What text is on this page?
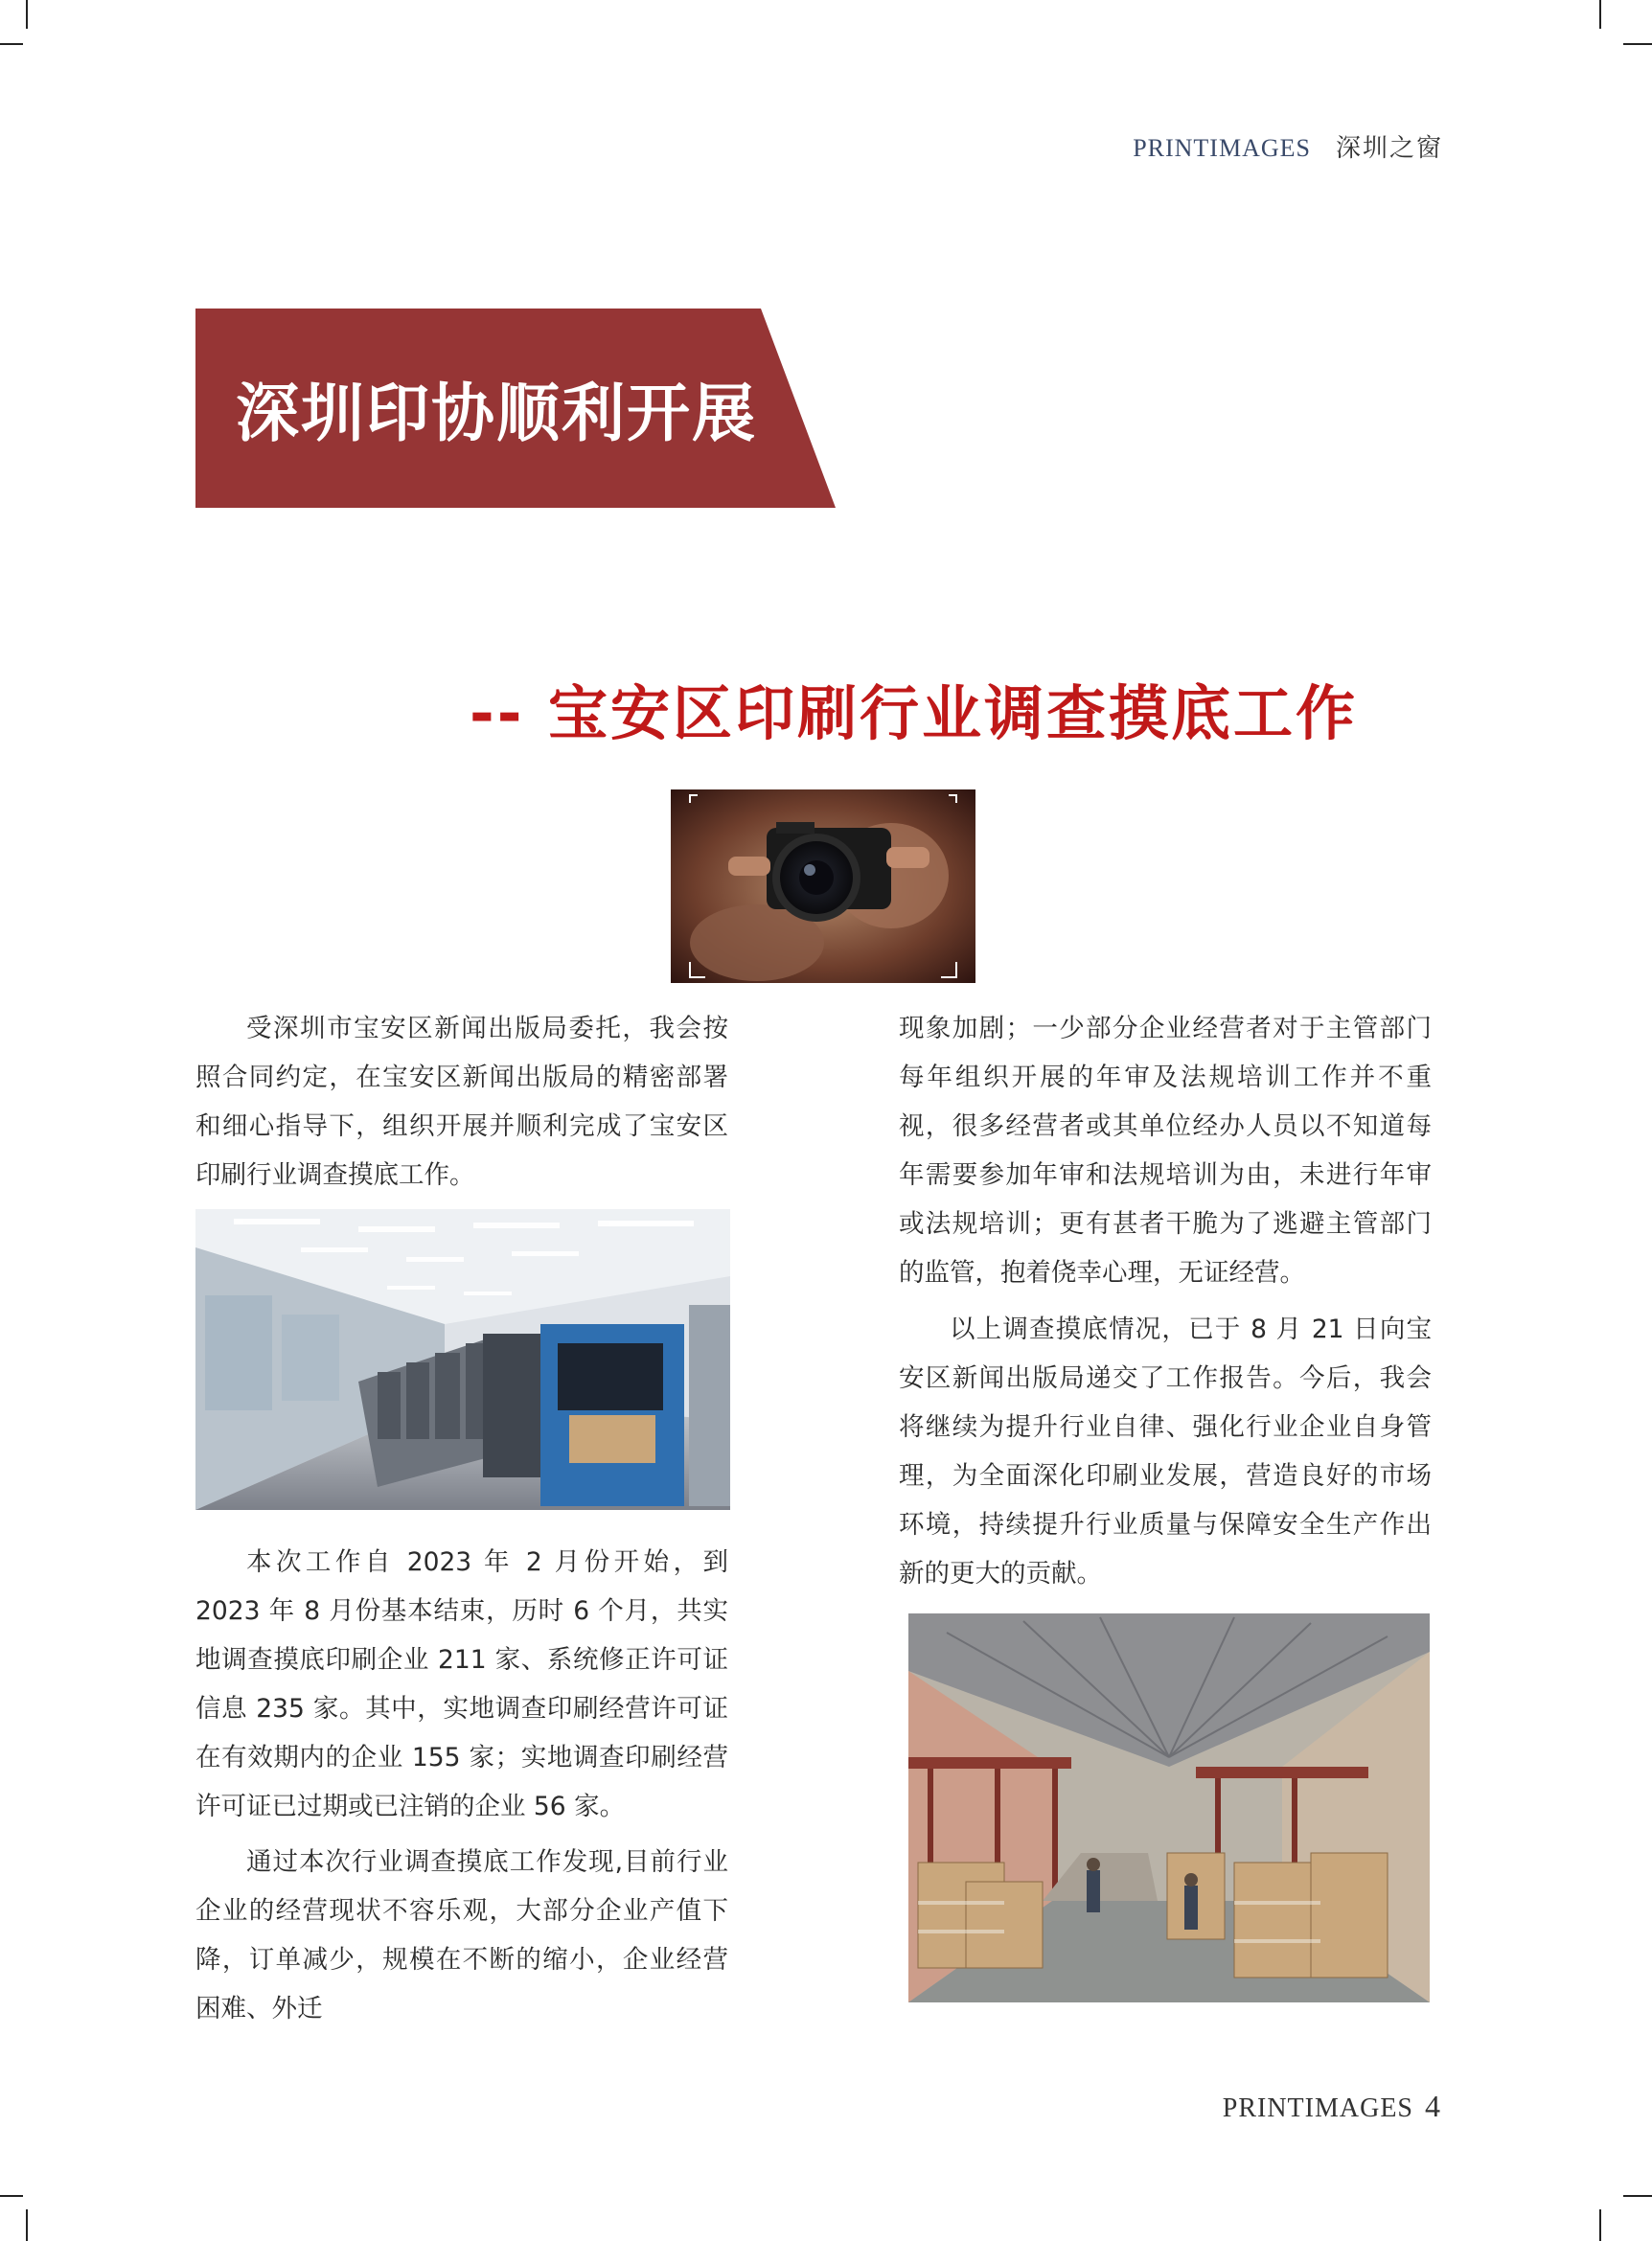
PRINTIMAGES 深圳之窗
深圳印协顺利开展
-- 宝安区印刷行业调查摸底工作

受深圳市宝安区新闻出版局委托，我会按照合同约定，在宝安区新闻出版局的精密部署和细心指导下，组织开展并顺利完成了宝安区印刷行业调查摸底工作。

本次工作自 2023 年 2 月份开始，到 2023 年 8 月份基本结束，历时 6 个月，共实地调查摸底印刷企业 211 家、系统修正许可证信息 235 家。其中，实地调查印刷经营许可证在有效期内的企业 155 家；实地调查印刷经营许可证已过期或已注销的企业 56 家。

通过本次行业调查摸底工作发现,目前行业企业的经营现状不容乐观，大部分企业产值下降，订单减少，规模在不断的缩小，企业经营困难、外迁

现象加剧；一少部分企业经营者对于主管部门每年组织开展的年审及法规培训工作并不重视，很多经营者或其单位经办人员以不知道每年需要参加年审和法规培训为由，未进行年审或法规培训；更有甚者干脆为了逃避主管部门的监管，抱着侥幸心理，无证经营。

以上调查摸底情况，已于 8 月 21 日向宝安区新闻出版局递交了工作报告。今后，我会将继续为提升行业自律、强化行业企业自身管理，为全面深化印刷业发展，营造良好的市场环境，持续提升行业质量与保障安全生产作出新的更大的贡献。

PRINTIMAGES 4
